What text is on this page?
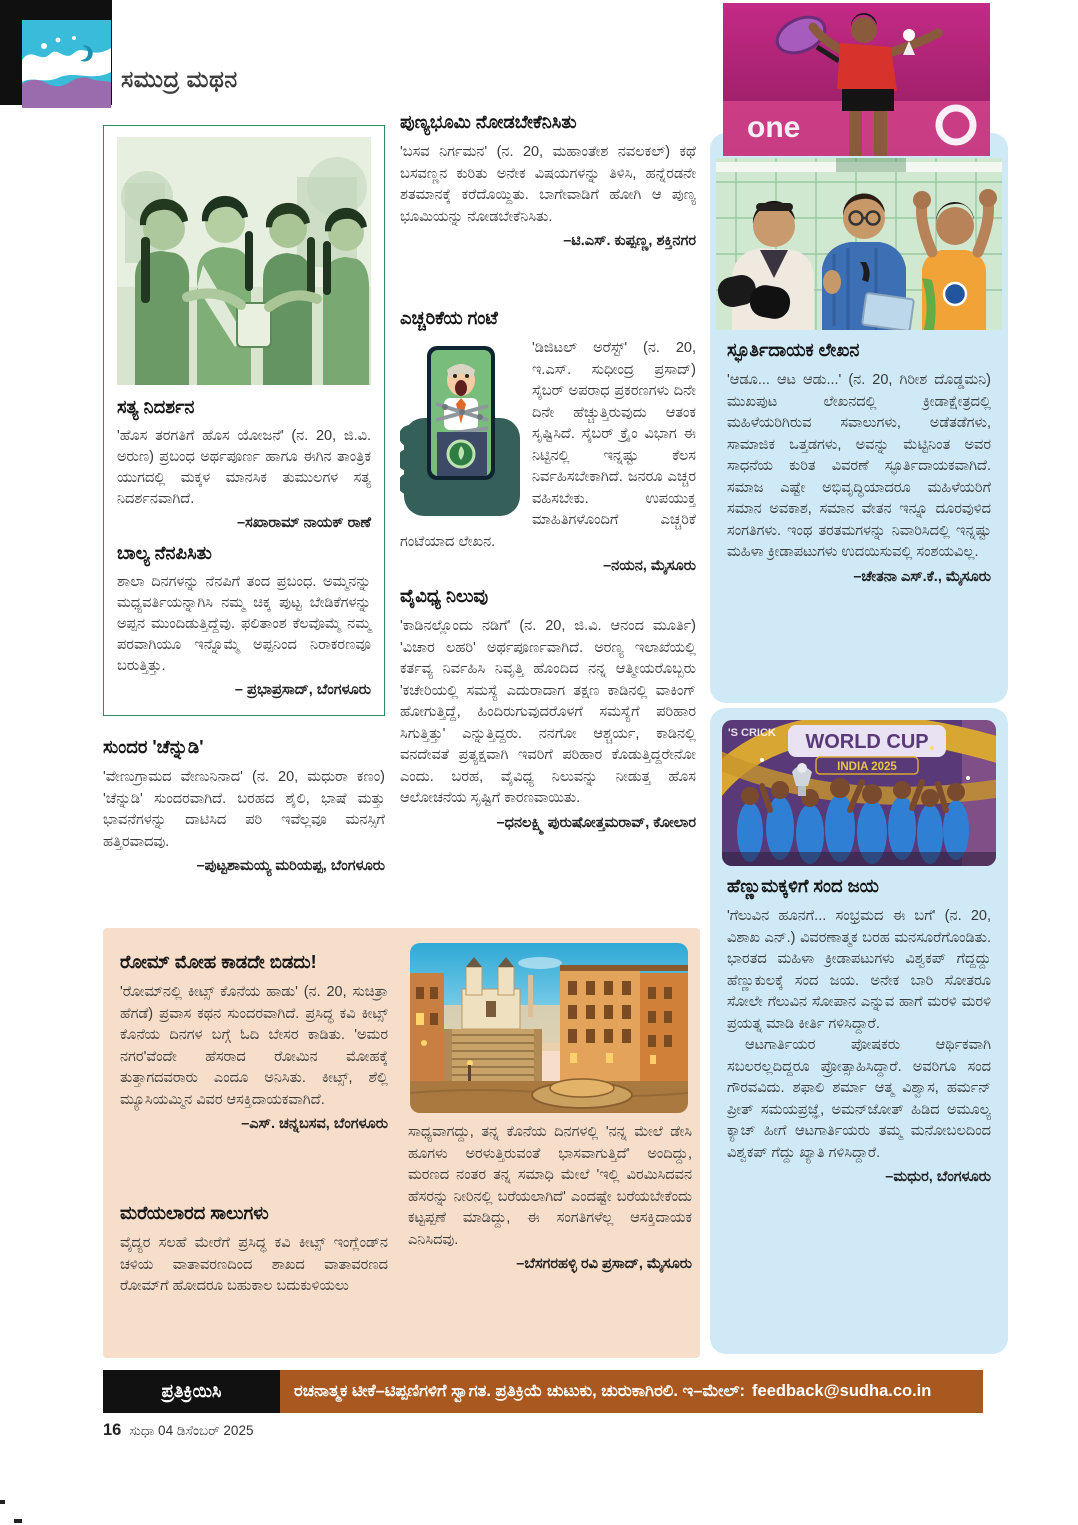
ಸಮುದ್ರ ಮಥನ
ಸತ್ಯ ನಿದರ್ಶನ

'ಹೊಸ ತರಗತಿಗೆ ಹೊಸ ಯೋಜನೆ' (ನ. 20, ಜಿ.ವಿ. ಅರುಣ) ಪ್ರಬಂಧ ಅರ್ಥಪೂರ್ಣ ಹಾಗೂ ಈಗಿನ ತಾಂತ್ರಿಕ ಯುಗದಲ್ಲಿ ಮಕ್ಕಳ ಮಾನಸಿಕ ತುಮುಲಗಳ ಸತ್ಯ ನಿದರ್ಶನವಾಗಿದೆ.

–ಸಖಾರಾಮ್ ನಾಯಕ್ ರಾಣೆ
ಬಾಲ್ಯ ನೆನಪಿಸಿತು

ಶಾಲಾ ದಿನಗಳನ್ನು ನೆನಪಿಗೆ ತಂದ ಪ್ರಬಂಧ. ಅಮ್ಮನನ್ನು ಮಧ್ಯವರ್ತಿಯನ್ನಾಗಿಸಿ ನಮ್ಮ ಚಿಕ್ಕ ಪುಟ್ಟ ಬೇಡಿಕೆಗಳನ್ನು ಅಪ್ಪನ ಮುಂದಿಡುತ್ತಿದ್ದೆವು. ಫಲಿತಾಂಶ ಕೆಲವೊಮ್ಮೆ ನಮ್ಮ ಪರವಾಗಿಯೂ ಇನ್ನೊಮ್ಮೆ ಅಪ್ಪನಿಂದ ನಿರಾಕರಣವೂ ಬರುತ್ತಿತ್ತು.

– ಪ್ರಭಾಪ್ರಸಾದ್, ಬೆಂಗಳೂರು
ಸುಂದರ 'ಚೆನ್ನುಡಿ'

'ವೇಣುಗ್ರಾಮದ ವೇಣುನಿನಾದ' (ನ. 20, ಮಧುರಾ ಕಣಂ) 'ಚೆನ್ನುಡಿ' ಸುಂದರವಾಗಿದೆ. ಬರಹದ ಶೈಲಿ, ಭಾಷೆ ಮತ್ತು ಭಾವನೆಗಳನ್ನು ದಾಟಿಸಿದ ಪರಿ ಇವೆಲ್ಲವೂ ಮನಸ್ಸಿಗೆ ಹತ್ತಿರವಾದವು.

–ಪುಟ್ಟಶಾಮಯ್ಯ ಮರಿಯಪ್ಪ, ಬೆಂಗಳೂರು
ಪುಣ್ಯಭೂಮಿ ನೋಡಬೇಕೆನಿಸಿತು

'ಬಸವ ನಿರ್ಗಮನ' (ನ. 20, ಮಹಾಂತೇಶ ನವಲಕಲ್) ಕಥೆ ಬಸವಣ್ಣನ ಕುರಿತು ಅನೇಕ ವಿಷಯಗಳನ್ನು ತಿಳಿಸಿ, ಹನ್ನೆರಡನೇ ಶತಮಾನಕ್ಕೆ ಕರೆದೊಯ್ದಿತು. ಬಾಗೇವಾಡಿಗೆ ಹೋಗಿ ಆ ಪುಣ್ಯ ಭೂಮಿಯನ್ನು ನೋಡಬೇಕೆನಿಸಿತು.

–ಟಿ.ಎಸ್. ಕುಪ್ಪಣ್ಣ, ಶಕ್ತಿನಗರ
ಎಚ್ಚರಿಕೆಯ ಗಂಟೆ

'ಡಿಜಿಟಲ್ ಅರೆಸ್ಟ್' (ನ. 20, ಇ.ಎಸ್. ಸುಧೀಂದ್ರ ಪ್ರಸಾದ್) ಸೈಬರ್ ಅಪರಾಧ ಪ್ರಕರಣಗಳು ದಿನೇ ದಿನೇ ಹೆಚ್ಚುತ್ತಿರುವುದು ಆತಂಕ ಸೃಷ್ಟಿಸಿದೆ. ಸೈಬರ್ ಕ್ರೈಂ ವಿಭಾಗ ಈ ನಿಟ್ಟಿನಲ್ಲಿ ಇನ್ನಷ್ಟು ಕೆಲಸ ನಿರ್ವಹಿಸಬೇಕಾಗಿದೆ. ಜನರೂ ಎಚ್ಚರ ವಹಿಸಬೇಕು. ಉಪಯುಕ್ತ ಮಾಹಿತಿಗಳೊಂದಿಗೆ ಎಚ್ಚರಿಕೆ ಗಂಟೆಯಾದ ಲೇಖನ.

–ನಯನ, ಮೈಸೂರು
ವೈವಿಧ್ಯ ನಿಲುವು

'ಕಾಡಿನಲ್ಲೊಂದು ನಡಿಗೆ' (ನ. 20, ಜಿ.ವಿ. ಆನಂದ ಮೂರ್ತಿ) 'ವಿಚಾರ ಲಹರಿ' ಅರ್ಥಪೂರ್ಣವಾಗಿದೆ. ಅರಣ್ಯ ಇಲಾಖೆಯಲ್ಲಿ ಕರ್ತವ್ಯ ನಿರ್ವಹಿಸಿ ನಿವೃತ್ತಿ ಹೊಂದಿದ ನನ್ನ ಆತ್ಮೀಯರೊಬ್ಬರು 'ಕಚೇರಿಯಲ್ಲಿ ಸಮಸ್ಯೆ ಎದುರಾದಾಗ ತಕ್ಷಣ ಕಾಡಿನಲ್ಲಿ ವಾಕಿಂಗ್ ಹೋಗುತ್ತಿದ್ದೆ, ಹಿಂದಿರುಗುವುದರೊಳಗೆ ಸಮಸ್ಯೆಗೆ ಪರಿಹಾರ ಸಿಗುತ್ತಿತ್ತು' ಎನ್ನುತ್ತಿದ್ದರು. ನನಗೋ ಆಶ್ಚರ್ಯ, ಕಾಡಿನಲ್ಲಿ ವನದೇವತೆ ಪ್ರತ್ಯಕ್ಷವಾಗಿ ಇವರಿಗೆ ಪರಿಹಾರ ಕೊಡುತ್ತಿದ್ದರೇನೋ ಎಂದು. ಬರಹ, ವೈವಿಧ್ಯ ನಿಲುವನ್ನು ನೀಡುತ್ತ ಹೊಸ ಆಲೋಚನೆಯ ಸೃಷ್ಟಿಗೆ ಕಾರಣವಾಯಿತು.

–ಧನಲಕ್ಷ್ಮಿ ಪುರುಷೋತ್ತಮರಾವ್, ಕೋಲಾರ
one
ಸ್ಫೂರ್ತಿದಾಯಕ ಲೇಖನ

'ಆಡೂ... ಆಟ ಆಡು...' (ನ. 20, ಗಿರೀಶ ದೊಡ್ಡಮನಿ) ಮುಖಪುಟ ಲೇಖನದಲ್ಲಿ ಕ್ರೀಡಾಕ್ಷೇತ್ರದಲ್ಲಿ ಮಹಿಳೆಯರಿಗಿರುವ ಸವಾಲುಗಳು, ಅಡೆತಡೆಗಳು, ಸಾಮಾಜಿಕ ಒತ್ತಡಗಳು, ಅವನ್ನು ಮೆಟ್ಟಿನಿಂತ ಅವರ ಸಾಧನೆಯ ಕುರಿತ ವಿವರಣೆ ಸ್ಫೂರ್ತಿದಾಯಕವಾಗಿದೆ. ಸಮಾಜ ಎಷ್ಟೇ ಅಭಿವೃದ್ಧಿಯಾದರೂ ಮಹಿಳೆಯರಿಗೆ ಸಮಾನ ಅವಕಾಶ, ಸಮಾನ ವೇತನ ಇನ್ನೂ ದೂರವುಳಿದ ಸಂಗತಿಗಳು. ಇಂಥ ತರತಮಗಳನ್ನು ನಿವಾರಿಸಿದಲ್ಲಿ ಇನ್ನಷ್ಟು ಮಹಿಳಾ ಕ್ರೀಡಾಪಟುಗಳು ಉದಯಿಸುವಲ್ಲಿ ಸಂಶಯವಿಲ್ಲ.

–ಚೇತನಾ ಎಸ್.ಕೆ., ಮೈಸೂರು
'S CRICK WORLD CUP
INDIA 2025
ಹೆಣ್ಣುಮಕ್ಕಳಿಗೆ ಸಂದ ಜಯ

'ಗೆಲುವಿನ ಹೂನಗೆ... ಸಂಭ್ರಮದ ಈ ಬಗೆ' (ನ. 20, ವಿಶಾಖ ಎನ್.) ವಿವರಣಾತ್ಮಕ ಬರಹ ಮನಸೂರೆಗೊಂಡಿತು. ಭಾರತದ ಮಹಿಳಾ ಕ್ರೀಡಾಪಟುಗಳು ವಿಶ್ವಕಪ್ ಗೆದ್ದದ್ದು ಹೆಣ್ಣುಕುಲಕ್ಕೆ ಸಂದ ಜಯ. ಅನೇಕ ಬಾರಿ ಸೋತರೂ ಸೋಲೇ ಗೆಲುವಿನ ಸೋಪಾನ ಎನ್ನುವ ಹಾಗೆ ಮರಳಿ ಮರಳಿ ಪ್ರಯತ್ನ ಮಾಡಿ ಕೀರ್ತಿ ಗಳಿಸಿದ್ದಾರೆ.

ಆಟಗಾರ್ತಿಯರ ಪೋಷಕರು ಆರ್ಥಿಕವಾಗಿ ಸಬಲರಲ್ಲದಿದ್ದರೂ ಪ್ರೋತ್ಸಾಹಿಸಿದ್ದಾರೆ. ಅವರಿಗೂ ಸಂದ ಗೌರವವಿದು. ಶಫಾಲಿ ಶರ್ಮಾ ಆತ್ಮ ವಿಶ್ವಾಸ, ಹರ್ಮನ್ ಪ್ರೀತ್ ಸಮಯಪ್ರಜ್ಞೆ, ಅಮನ್‌ಜೋತ್ ಹಿಡಿದ ಅಮೂಲ್ಯ ಕ್ಯಾಚ್ ಹೀಗೆ ಆಟಗಾರ್ತಿಯರು ತಮ್ಮ ಮನೋಬಲದಿಂದ ವಿಶ್ವಕಪ್ ಗೆದ್ದು ಖ್ಯಾತಿ ಗಳಿಸಿದ್ದಾರೆ.

–ಮಧುರ, ಬೆಂಗಳೂರು
ರೋಮ್ ಮೋಹ ಕಾಡದೇ ಬಿಡದು!

'ರೋಮ್‌ನಲ್ಲಿ ಕೀಟ್ಸ್ ಕೊನೆಯ ಹಾಡು' (ನ. 20, ಸುಚಿತ್ರಾ ಹೆಗಡೆ) ಪ್ರವಾಸ ಕಥನ ಸುಂದರವಾಗಿದೆ. ಪ್ರಸಿದ್ಧ ಕವಿ ಕೀಟ್ಸ್ ಕೊನೆಯ ದಿನಗಳ ಬಗ್ಗೆ ಓದಿ ಬೇಸರ ಕಾಡಿತು. 'ಅಮರ ನಗರ'ವೆಂದೇ ಹೆಸರಾದ ರೋಮಿನ ಮೋಹಕ್ಕೆ ತುತ್ತಾಗದವರಾರು ಎಂದೂ ಅನಿಸಿತು. ಕೀಟ್ಸ್, ಶೆಲ್ಲಿ ಮ್ಯೂಸಿಯಮ್ಮಿನ ವಿವರ ಆಸಕ್ತಿದಾಯಕವಾಗಿದೆ.

–ಎಸ್. ಚನ್ನಬಸವ, ಬೆಂಗಳೂರು
ಮರೆಯಲಾರದ ಸಾಲುಗಳು

ವೈದ್ಯರ ಸಲಹೆ ಮೇರೆಗೆ ಪ್ರಸಿದ್ಧ ಕವಿ ಕೀಟ್ಸ್ ಇಂಗ್ಲೆಂಡ್‌ನ ಚಳಿಯ ವಾತಾವರಣದಿಂದ ಶಾಖದ ವಾತಾವರಣದ ರೋಮ್‌ಗೆ ಹೋದರೂ ಬಹುಕಾಲ ಬದುಕುಳಿಯಲು

ಸಾಧ್ಯವಾಗದ್ದು, ತನ್ನ ಕೊನೆಯ ದಿನಗಳಲ್ಲಿ 'ನನ್ನ ಮೇಲೆ ಡೇಸಿ ಹೂಗಳು ಅರಳುತ್ತಿರುವಂತೆ ಭಾಸವಾಗುತ್ತಿದೆ' ಅಂದಿದ್ದು, ಮರಣದ ನಂತರ ತನ್ನ ಸಮಾಧಿ ಮೇಲೆ 'ಇಲ್ಲಿ ವಿರಮಿಸಿದವನ ಹೆಸರನ್ನು ನೀರಿನಲ್ಲಿ ಬರೆಯಲಾಗಿದೆ' ಎಂದಷ್ಟೇ ಬರೆಯಬೇಕೆಂದು ಕಟ್ಟಪ್ಪಣೆ ಮಾಡಿದ್ದು, ಈ ಸಂಗತಿಗಳೆಲ್ಲ ಆಸಕ್ತಿದಾಯಕ ಎನಿಸಿದವು.

–ಬೆಸಗರಹಳ್ಳಿ ರವಿ ಪ್ರಸಾದ್, ಮೈಸೂರು
ಪ್ರತಿಕ್ರಿಯಿಸಿ	ರಚನಾತ್ಮಕ ಟೀಕೆ–ಟಿಪ್ಪಣಿಗಳಿಗೆ ಸ್ವಾಗತ. ಪ್ರತಿಕ್ರಿಯೆ ಚುಟುಕು, ಚುರುಕಾಗಿರಲಿ. ಇ–ಮೇಲ್: feedback@sudha.co.in
16 ಸುಧಾ 04 ಡಿಸೆಂಬರ್ 2025
